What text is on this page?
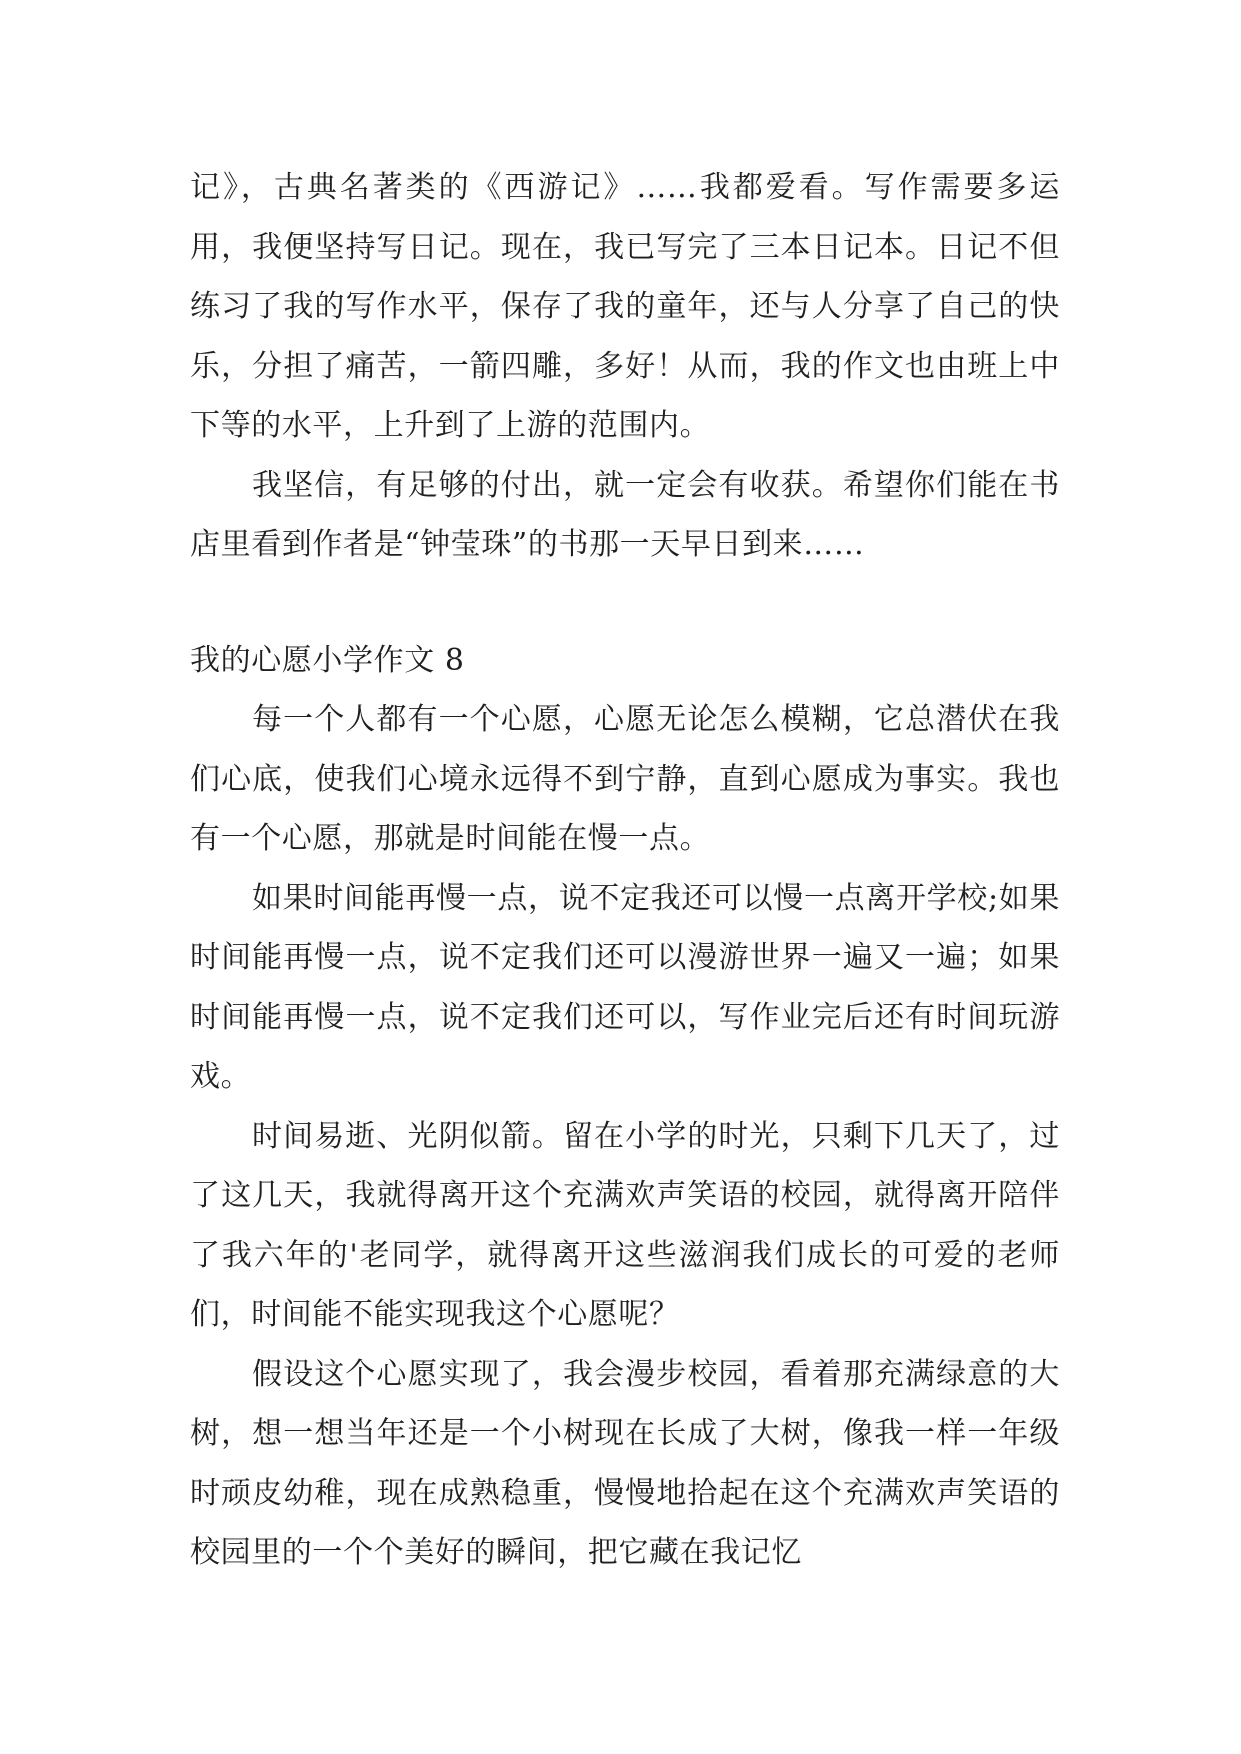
记》，古典名著类的《西游记》……我都爱看。写作需要多运用，我便坚持写日记。现在，我已写完了三本日记本。日记不但练习了我的写作水平，保存了我的童年，还与人分享了自己的快乐，分担了痛苦，一箭四雕，多好！从而，我的作文也由班上中下等的水平，上升到了上游的范围内。

我坚信，有足够的付出，就一定会有收获。希望你们能在书店里看到作者是“钟莹珠”的书那一天早日到来……

我的心愿小学作文 8

每一个人都有一个心愿，心愿无论怎么模糊，它总潜伏在我们心底，使我们心境永远得不到宁静，直到心愿成为事实。我也有一个心愿，那就是时间能在慢一点。

如果时间能再慢一点，说不定我还可以慢一点离开学校;如果时间能再慢一点，说不定我们还可以漫游世界一遍又一遍；如果时间能再慢一点，说不定我们还可以，写作业完后还有时间玩游戏。

时间易逝、光阴似箭。留在小学的时光，只剩下几天了，过了这几天，我就得离开这个充满欢声笑语的校园，就得离开陪伴了我六年的'老同学，就得离开这些滋润我们成长的可爱的老师们，时间能不能实现我这个心愿呢？

假设这个心愿实现了，我会漫步校园，看着那充满绿意的大树，想一想当年还是一个小树现在长成了大树，像我一样一年级时顽皮幼稚，现在成熟稳重，慢慢地拾起在这个充满欢声笑语的校园里的一个个美好的瞬间，把它藏在我记忆
